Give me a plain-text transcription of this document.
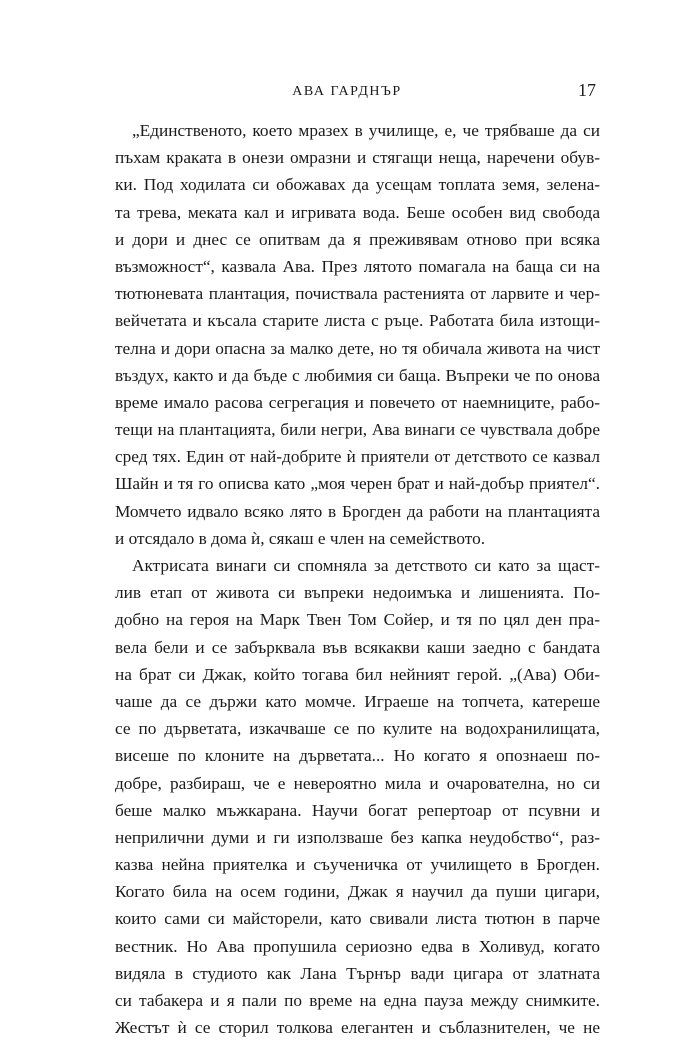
АВА ГАРДНЪР	17
„Единственото, което мразех в училище, е, че трябваше да си
пъхам краката в онези омразни и стягащи неща, наречени обув-
ки. Под ходилата си обожавах да усещам топлата земя, зелена-
та трева, меката кал и игривата вода. Беше особен вид свобода
и дори и днес се опитвам да я преживявам отново при всяка
възможност“, казвала Ава. През лятото помагала на баща си на
тютюневата плантация, почиствала растенията от ларвите и чер-
вейчетата и късала старите листа с ръце. Работата била изтощи-
телна и дори опасна за малко дете, но тя обичала живота на чист
въздух, както и да бъде с любимия си баща. Въпреки че по онова
време имало расова сегрегация и повечето от наемниците, рабо-
тещи на плантацията, били негри, Ава винаги се чувствала добре
сред тях. Един от най-добрите ѝ приятели от детството се казвал
Шайн и тя го описва като „моя черен брат и най-добър приятел“.
Момчето идвало всяко лято в Брогден да работи на плантацията
и отсядало в дома ѝ, сякаш е член на семейството.
Актрисата винаги си спомняла за детството си като за щаст-
лив етап от живота си въпреки недоимъка и лишенията. По-
добно на героя на Марк Твен Том Сойер, и тя по цял ден пра-
вела бели и се забърквала във всякакви каши заедно с бандата
на брат си Джак, който тогава бил нейният герой. „(Ава) Оби-
чаше да се държи като момче. Играеше на топчета, катереше
се по дърветата, изкачваше се по кулите на водохранилищата,
висеше по клоните на дърветата... Но когато я опознаеш по-
добре, разбираш, че е невероятно мила и очарователна, но си
беше малко мъжкарана. Научи богат репертоар от псувни и
неприлични думи и ги използваше без капка неудобство“, раз-
казва нейна приятелка и съученичка от училището в Брогден.
Когато била на осем години, Джак я научил да пуши цигари,
които сами си майсторели, като свивали листа тютюн в парче
вестник. Но Ава пропушила сериозно едва в Холивуд, когато
видяла в студиото как Лана Търнър вади цигара от златната
си табакера и я пали по време на една пауза между снимките.
Жестът ѝ се сторил толкова елегантен и съблазнителен, че не
